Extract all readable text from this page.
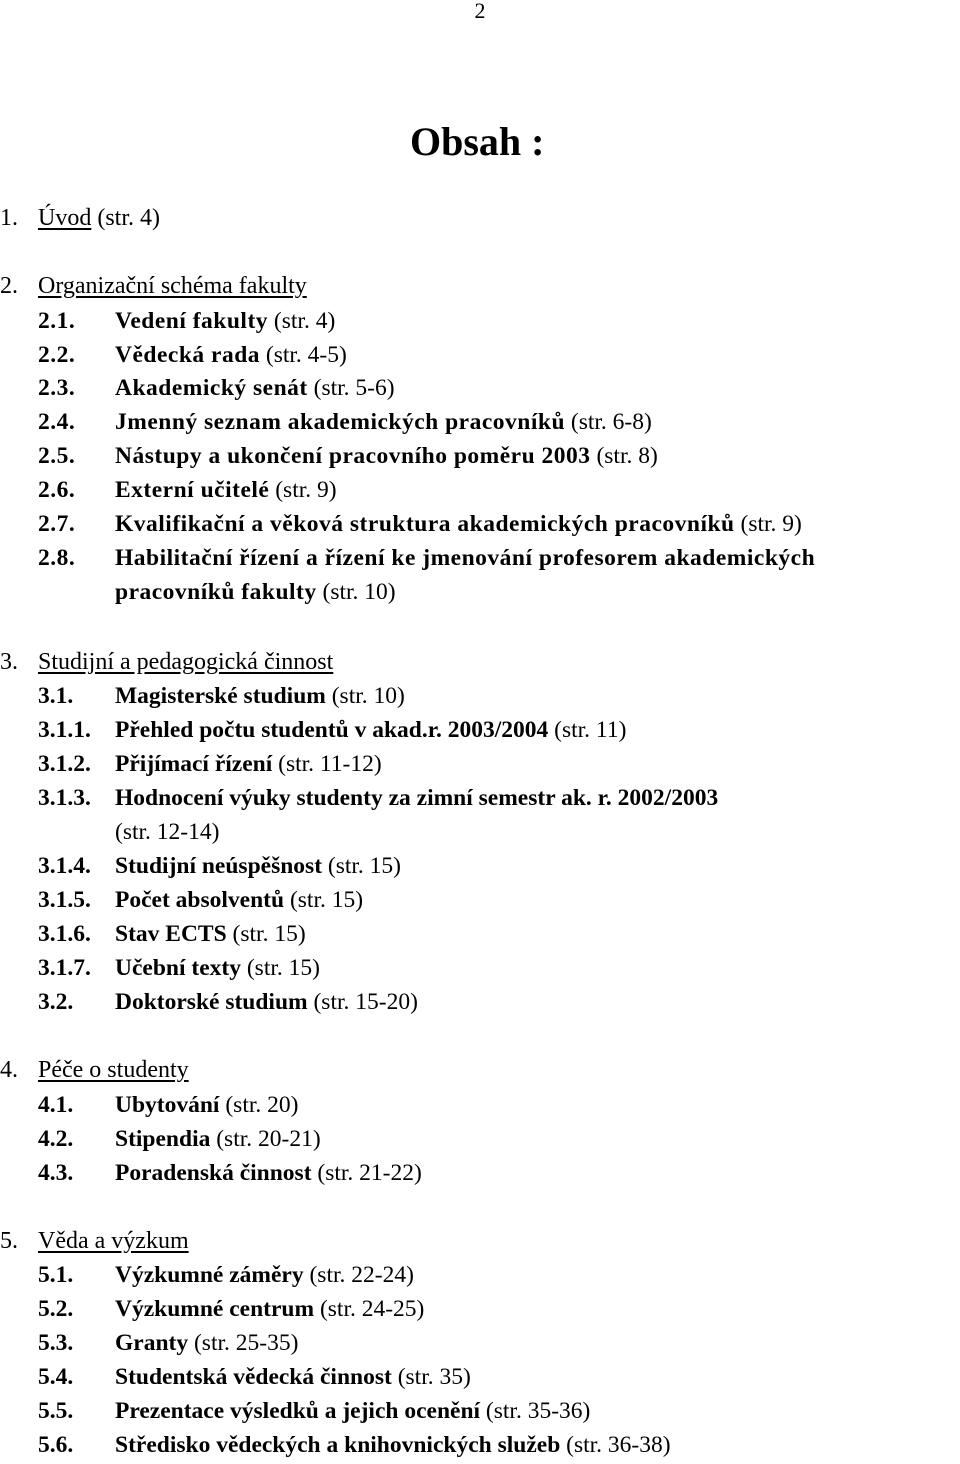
2
Obsah :
1. Úvod (str. 4)
2. Organizační schéma fakulty
2.1. Vedení fakulty (str. 4)
2.2. Vědecká rada (str. 4-5)
2.3. Akademický senát (str. 5-6)
2.4. Jmenný seznam akademických pracovníků (str. 6-8)
2.5. Nástupy a ukončení pracovního poměru 2003 (str. 8)
2.6. Externí učitelé (str. 9)
2.7. Kvalifikační a věková struktura akademických pracovníků (str. 9)
2.8. Habilitační řízení a řízení ke jmenování profesorem akademických
pracovníků fakulty (str. 10)
3. Studijní a pedagogická činnost
3.1. Magisterské studium (str. 10)
3.1.1. Přehled počtu studentů v akad.r. 2003/2004 (str. 11)
3.1.2. Přijímací řízení (str. 11-12)
3.1.3. Hodnocení výuky studenty za zimní semestr ak. r. 2002/2003
(str. 12-14)
3.1.4. Studijní neúspěšnost (str. 15)
3.1.5. Počet absolventů (str. 15)
3.1.6. Stav ECTS (str. 15)
3.1.7. Učební texty (str. 15)
3.2. Doktorské studium (str. 15-20)
4. Péče o studenty
4.1. Ubytování (str. 20)
4.2. Stipendia (str. 20-21)
4.3. Poradenská činnost (str. 21-22)
5. Věda a výzkum
5.1. Výzkumné záměry (str. 22-24)
5.2. Výzkumné centrum (str. 24-25)
5.3. Granty (str. 25-35)
5.4. Studentská vědecká činnost (str. 35)
5.5. Prezentace výsledků a jejich ocenění (str. 35-36)
5.6. Středisko vědeckých a knihovnických služeb (str. 36-38)
